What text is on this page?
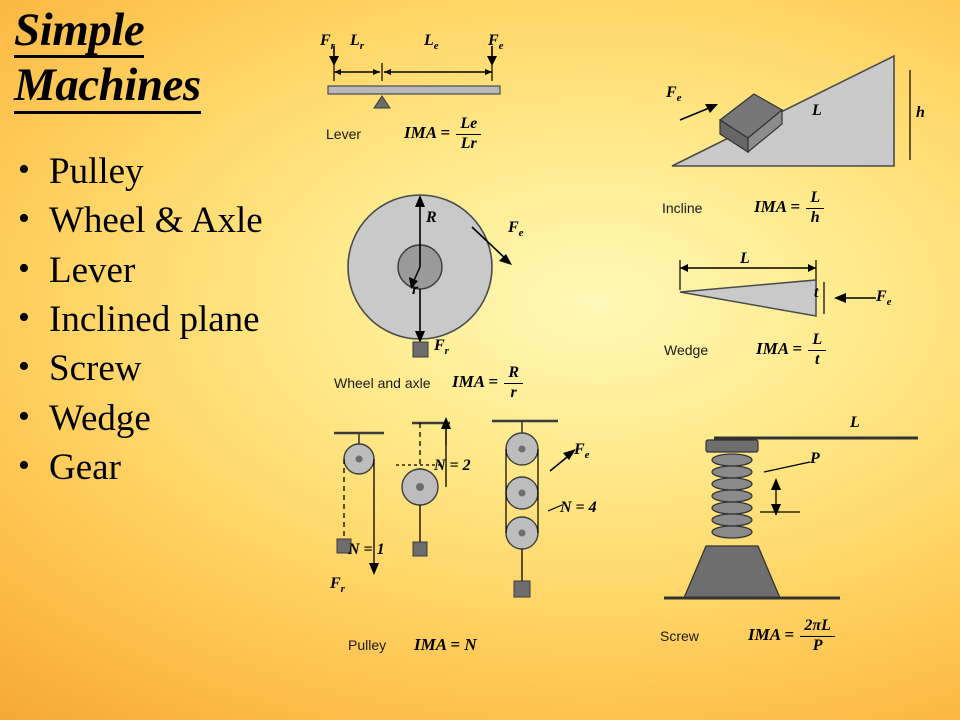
Simple
Machines
• Pulley
• Wheel & Axle
• Lever
• Inclined plane
• Screw
• Wedge
• Gear
$F_r$ $L_r$	$L_e$	$F_e$
Lever	IMA = $\frac{Le}{Lr}$
R
r
$F_e$
$F_r$
Wheel and axle IMA = $\frac{R}{r}$
N = 1
N = 2
N = 4
$F_e$
$F_r$
Pulley IMA = N
$F_e$
L	h
Incline	IMA = $\frac{L}{h}$
L
t	$F_e$
Wedge	IMA = $\frac{L}{t}$
L
P
Screw	IMA = $\frac{2\pi L}{P}$
